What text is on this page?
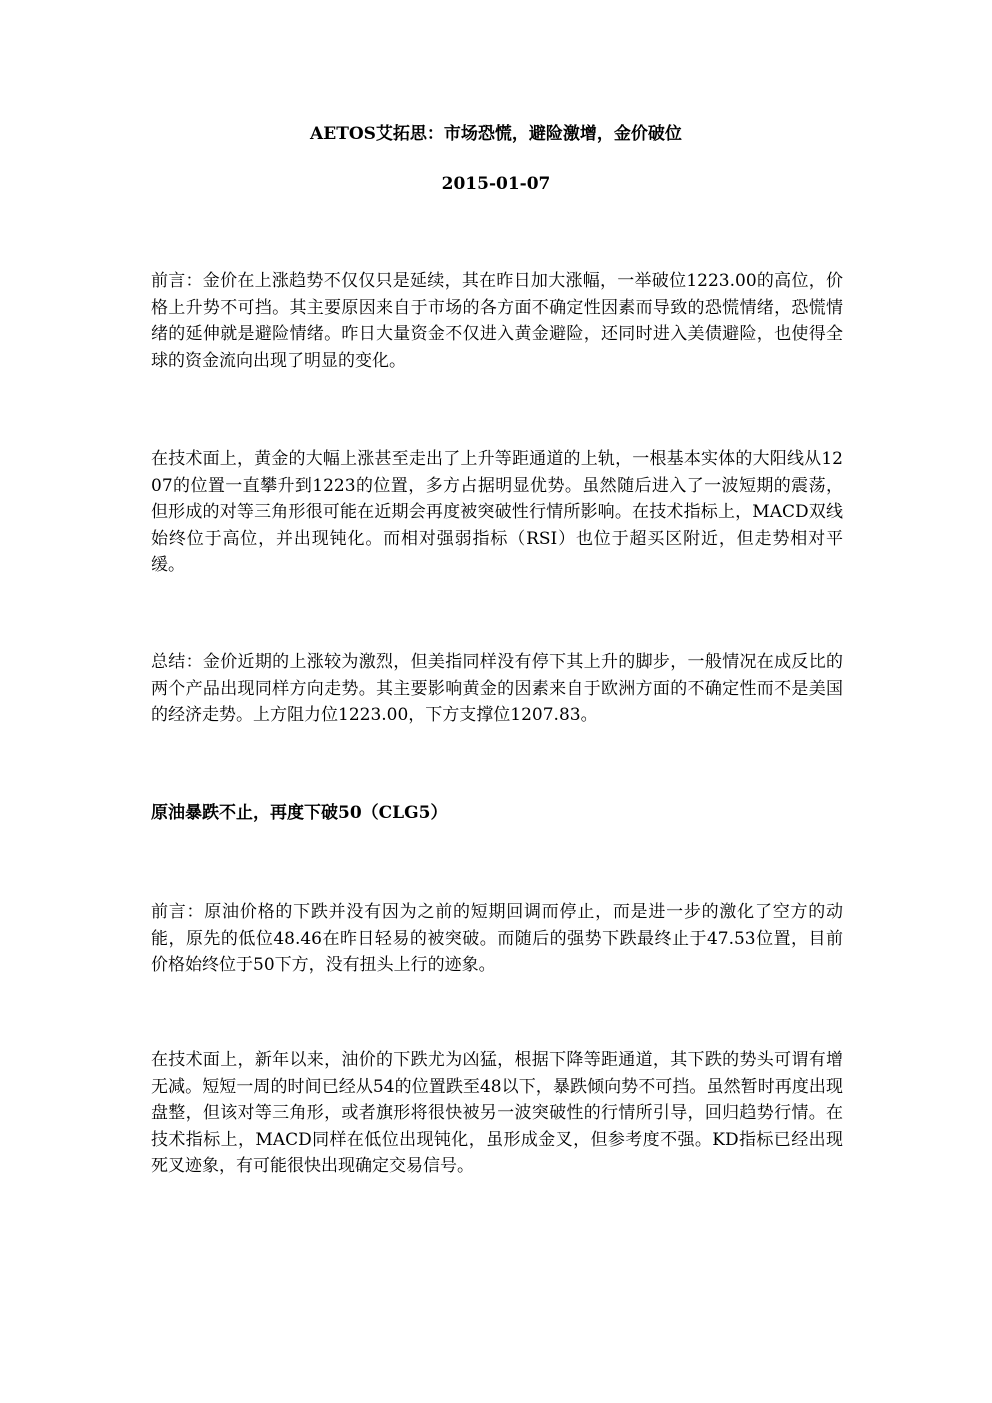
AETOS艾拓思：市场恐慌，避险激增，金价破位
2015-01-07

前言：金价在上涨趋势不仅仅只是延续，其在昨日加大涨幅，一举破位1223.00的高位，价格上升势不可挡。其主要原因来自于市场的各方面不确定性因素而导致的恐慌情绪，恐慌情绪的延伸就是避险情绪。昨日大量资金不仅进入黄金避险，还同时进入美债避险，也使得全球的资金流向出现了明显的变化。

在技术面上，黄金的大幅上涨甚至走出了上升等距通道的上轨，一根基本实体的大阳线从1207的位置一直攀升到1223的位置，多方占据明显优势。虽然随后进入了一波短期的震荡，但形成的对等三角形很可能在近期会再度被突破性行情所影响。在技术指标上，MACD双线始终位于高位，并出现钝化。而相对强弱指标（RSI）也位于超买区附近，但走势相对平缓。

总结：金价近期的上涨较为激烈，但美指同样没有停下其上升的脚步，一般情况在成反比的两个产品出现同样方向走势。其主要影响黄金的因素来自于欧洲方面的不确定性而不是美国的经济走势。上方阻力位1223.00，下方支撑位1207.83。

原油暴跌不止，再度下破50（CLG5）

前言：原油价格的下跌并没有因为之前的短期回调而停止，而是进一步的激化了空方的动能，原先的低位48.46在昨日轻易的被突破。而随后的强势下跌最终止于47.53位置，目前价格始终位于50下方，没有扭头上行的迹象。

在技术面上，新年以来，油价的下跌尤为凶猛，根据下降等距通道，其下跌的势头可谓有增无减。短短一周的时间已经从54的位置跌至48以下，暴跌倾向势不可挡。虽然暂时再度出现盘整，但该对等三角形，或者旗形将很快被另一波突破性的行情所引导，回归趋势行情。在技术指标上，MACD同样在低位出现钝化，虽形成金叉，但参考度不强。KD指标已经出现死叉迹象，有可能很快出现确定交易信号。
